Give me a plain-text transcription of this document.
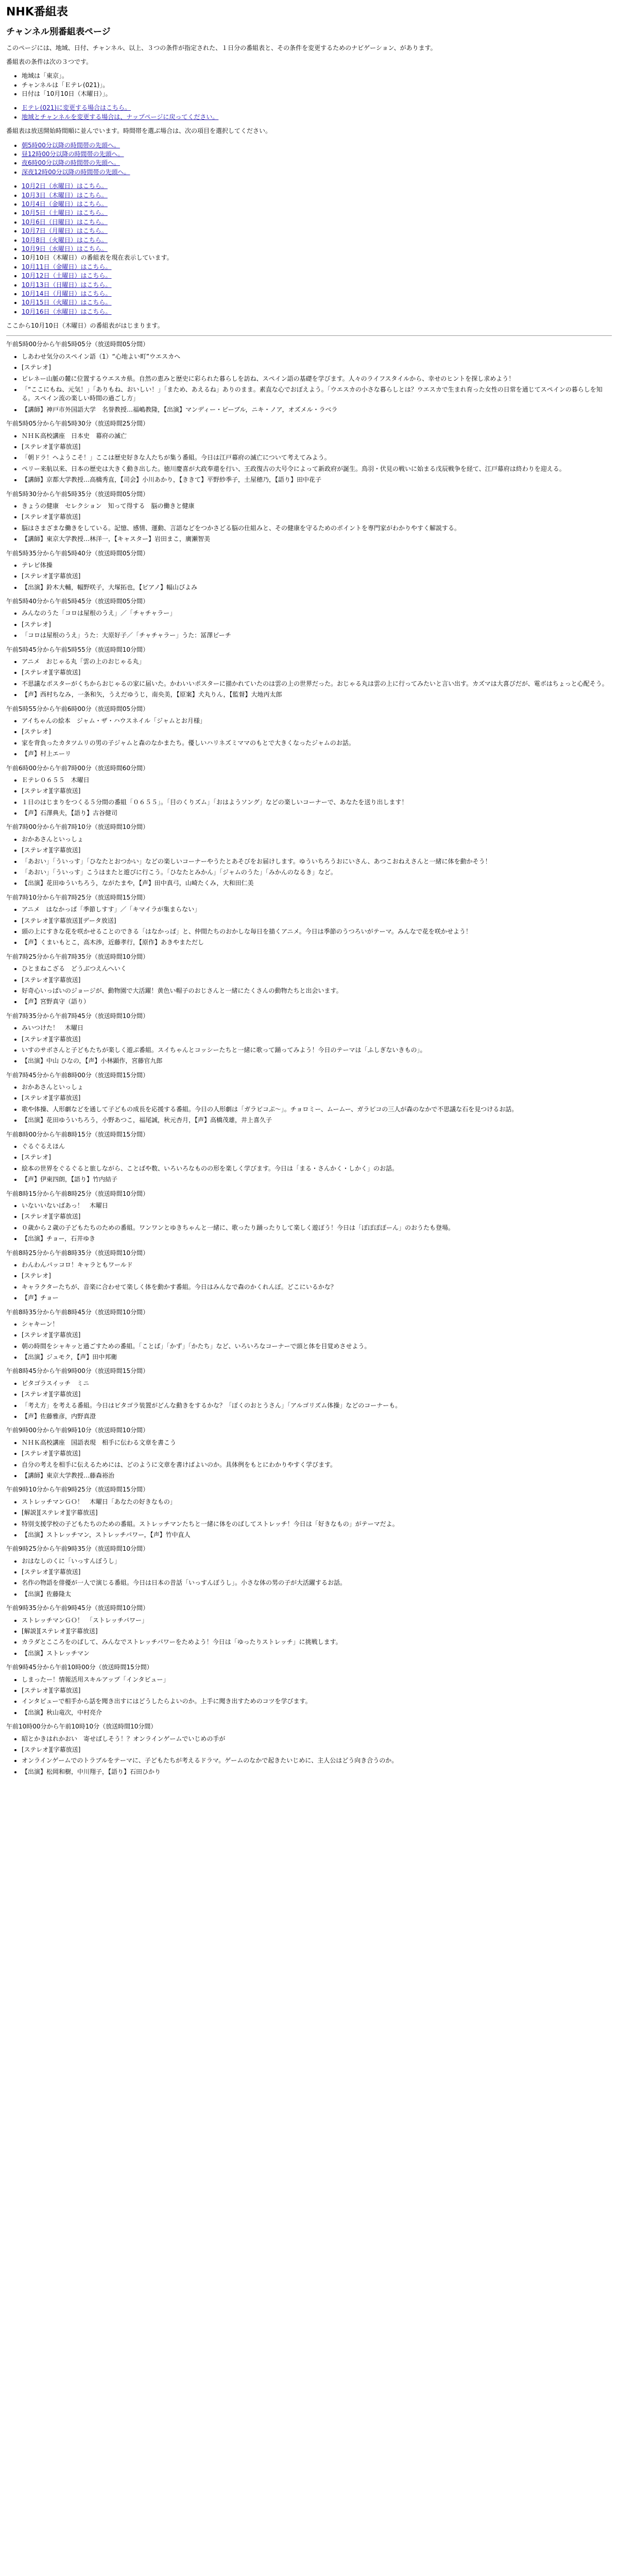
NHK番組表
チャンネル別番組表ページ

このページには、地域、日付、チャンネル、以上、３つの条件が指定された、１日分の番組表と、その条件を変更するためのナビゲーション、があります。

番組表の条件は次の３つです。

• 地域は「東京」。
• チャンネルは「Ｅテレ(021)」。
• 日付は「10月10日（木曜日）」。
• Ｅテレ(021)に変更する場合はこちら。
• 地域とチャンネルを変更する場合は、ナップページに戻ってください。

番組表は放送開始時間順に並んでいます。時間帯を選ぶ場合は、次の項目を選択してください。

• 朝5時00分以降の時間帯の先頭へ。
• 昼12時00分以降の時間帯の先頭へ。
• 夜6時00分以降の時間帯の先頭へ。
• 深夜12時00分以降の時間帯の先頭へ。
• 10月2日（水曜日）はこちら。
• 10月3日（木曜日）はこちら。
• 10月4日（金曜日）はこちら。
• 10月5日（土曜日）はこちら。
• 10月6日（日曜日）はこちら。
• 10月7日（月曜日）はこちら。
• 10月8日（火曜日）はこちら。
• 10月9日（水曜日）はこちら。
• 10月10日（木曜日）の番組表を現在表示しています。
• 10月11日（金曜日）はこちら。
• 10月12日（土曜日）はこちら。
• 10月13日（日曜日）はこちら。
• 10月14日（月曜日）はこちら。
• 10月15日（火曜日）はこちら。
• 10月16日（水曜日）はこちら。

ここから10月10日（木曜日）の番組表がはじまります。

午前5時00分から午前5時05分（放送時間05分間）

• しあわせ気分のスペイン語（1）“心地よい町”ウエスカへ
• [ステレオ]
• ピレネー山脈の麓に位置するウエスカ県。自然の恵みと歴史に彩られた暮らしを訪ね、スペイン語の基礎を学びます。人々のライフスタイルから、幸せのヒントを探し求めよう！
• 「“ここにもね、元気！」「ありもね、おいしい！」「まため、あえるね」ありのまま。素直な心でおぼえよう。「ウエスカの小さな暮らしとは？ウエスカで生まれ育った女性の日常を通じてスペインの暮らしを知る。スペイン流の楽しい時間の過ごし方」
• 【講師】神戸市外国語大学　名誉教授…福嶋教隆，【出演】マンディー・ピーブル，ニキ・ノア，オズメル・ラベラ

午前5時05分から午前5時30分（放送時間25分間）

• ＮＨＫ高校講座　日本史　幕府の滅亡
• [ステレオ][字幕放送]
• 「朝ドラ！へようこそ！」ここは歴史好きな人たちが集う番組。今日は江戸幕府の滅亡について考えてみよう。
• ペリー来航以来、日本の歴史は大きく動き出した。徳川慶喜が大政奉還を行い、王政復古の大号令によって新政府が誕生。鳥羽・伏見の戦いに始まる戊辰戦争を経て、江戸幕府は終わりを迎える。
• 【講師】京都大学教授…高橋秀直，【司会】小川あかり，【ききて】平野紗季子，土屋穂乃，【語り】田中花子

午前5時30分から午前5時35分（放送時間05分間）

• きょうの健康　セレクション　知って得する　脳の働きと健康
• [ステレオ][字幕放送]
• 脳はさまざまな働きをしている。記憶、感情、運動、言語などをつかさどる脳の仕組みと、その健康を守るためのポイントを専門家がわかりやすく解説する。
• 【講師】東京大学教授…林洋一，【キャスター】岩田まこ，廣瀬智美

午前5時35分から午前5時40分（放送時間05分間）

• テレビ体操
• [ステレオ][字幕放送]
• 【出演】鈴木大輔，幅野咲子，大塚拓也，【ピアノ】幅山ぴよみ

午前5時40分から午前5時45分（放送時間05分間）

• みんなのうた「コロは屋根のうえ」／「チャチャラー」
• [ステレオ]
• 「コロは屋根のうえ」うた：大原好子／「チャチャラー」うた：冨澤ピーチ

午前5時45分から午前5時55分（放送時間10分間）

• アニメ　おじゃる丸「雲の上のおじゃる丸」
• [ステレオ][字幕放送]
• 不思議なポスターがくちからおじゃるの家に届いた。かわいいポスターに描かれていたのは雲の上の世界だった。おじゃる丸は雲の上に行ってみたいと言い出す。カズマは大喜びだが、電ボはちょっと心配そう。
• 【声】西村ちなみ，一条和矢，うえだゆうじ，南央美，【原案】犬丸りん，【監督】大地丙太郎

午前5時55分から午前6時00分（放送時間05分間）

• アイちゃんの絵本　ジャム・ザ・ハウスネイル「ジャムとお月様」
• [ステレオ]
• 家を背負ったカタツムリの男の子ジャムと森のなかまたち。優しいハリネズミママのもとで大きくなったジャムのお話。
• 【声】村上エーリ

午前6時00分から午前7時00分（放送時間60分間）

• Ｅテレ０６５５　木曜日
• [ステレオ][字幕放送]
• １日のはじまりをつくる５分間の番組「０６５５」。「目のくりズム」「おはようソング」などの楽しいコーナーで、あなたを送り出します！
• 【声】石澤典夫，【語り】古谷健司

午前7時00分から午前7時10分（放送時間10分間）

• おかあさんといっしょ
• [ステレオ][字幕放送]
• 「あおい」「ういっす」「ひなたとおつかい」などの楽しいコーナーやうたとあそびをお届けします。ゆういちろうおにいさん、あつこおねえさんと一緒に体を動かそう！
• 「あおい」「ういっす」こうはまたと遊びに行こう。「ひなたとみかん」「ジャムのうた」「みかんのなるき」など。
• 【出演】花田ゆういちろう，ながたまや，【声】田中真弓，山崎たくみ，大和田仁美

午前7時10分から午前7時25分（放送時間15分間）

• アニメ　はなかっぱ「季節しすす」／「キマイラが集まらない」
• [ステレオ][字幕放送][データ放送]
• 頭の上にすきな花を咲かせることのできる「はなかっぱ」と、仲間たちのおかしな毎日を描くアニメ。今日は季節のうつろいがテーマ。みんなで花を咲かせよう！
• 【声】くまいもとこ，高木渉，近藤孝行，【原作】あきやまただし

午前7時25分から午前7時35分（放送時間10分間）

• ひとまねこざる　どうぶつえんへいく
• [ステレオ][字幕放送]
• 好奇心いっぱいのジョージが、動物園で大活躍！黄色い帽子のおじさんと一緒にたくさんの動物たちと出会います。
• 【声】宮野真守（語り）

午前7時35分から午前7時45分（放送時間10分間）

• みいつけた！　木曜日
• [ステレオ][字幕放送]
• いすのサボさんと子どもたちが楽しく遊ぶ番組。スイちゃんとコッシーたちと一緒に歌って踊ってみよう！今日のテーマは「ふしぎないきもの」。
• 【出演】中山 ひなの，【声】小林顕作，宮藤官九郎

午前7時45分から午前8時00分（放送時間15分間）

• おかあさんといっしょ
• [ステレオ][字幕放送]
• 歌や体操、人形劇などを通して子どもの成長を応援する番組。今日の人形劇は「ガラピコぷ～」。チョロミー、ムームー、ガラピコの三人が森のなかで不思議な石を見つけるお話。
• 【出演】花田ゆういちろう，小野あつこ，福尾誠，秋元杏月，【声】高橋茂雄，井上喜久子

午前8時00分から午前8時15分（放送時間15分間）

• ぐるぐるえほん
• [ステレオ]
• 絵本の世界をぐるぐると旅しながら、ことばや数、いろいろなものの形を楽しく学びます。今日は「まる・さんかく・しかく」のお話。
• 【声】伊東四朗，【語り】竹内結子

午前8時15分から午前8時25分（放送時間10分間）

• いないいないばあっ！　木曜日
• [ステレオ][字幕放送]
• ０歳から２歳の子どもたちのための番組。ワンワンとゆきちゃんと一緒に、歌ったり踊ったりして楽しく遊ぼう！今日は「ぽぽぽぽーん」のおうたも登場。
• 【出演】チョー，石井ゆき

午前8時25分から午前8時35分（放送時間10分間）

• わんわんパッコロ！キャラともワールド
• [ステレオ]
• キャラクターたちが、音楽に合わせて楽しく体を動かす番組。今日はみんなで森のかくれんぼ。どこにいるかな？
• 【声】チョー

午前8時35分から午前8時45分（放送時間10分間）

• シャキーン！
• [ステレオ][字幕放送]
• 朝の時間をシャキッと過ごすための番組。「ことば」「かず」「かたち」など、いろいろなコーナーで頭と体を目覚めさせよう。
• 【出演】ジュモク，【声】田中邦衛

午前8時45分から午前9時00分（放送時間15分間）

• ピタゴラスイッチ　ミニ
• [ステレオ][字幕放送]
• 「考え方」を考える番組。今日はピタゴラ装置がどんな動きをするかな？「ぼくのおとうさん」「アルゴリズム体操」などのコーナーも。
• 【声】佐藤雅彦，内野真澄

午前9時00分から午前9時10分（放送時間10分間）

• ＮＨＫ高校講座　国語表現　相手に伝わる文章を書こう
• [ステレオ][字幕放送]
• 自分の考えを相手に伝えるためには、どのように文章を書けばよいのか。具体例をもとにわかりやすく学びます。
• 【講師】東京大学教授…藤森裕治

午前9時10分から午前9時25分（放送時間15分間）

• ストレッチマンＧＯ！　木曜日「あなたの好きなもの」
• [解説][ステレオ][字幕放送]
• 特別支援学校の子どもたちのための番組。ストレッチマンたちと一緒に体をのばしてストレッチ！今日は「好きなもの」がテーマだよ。
• 【出演】ストレッチマン，ストレッチパワー，【声】竹中直人

午前9時25分から午前9時35分（放送時間10分間）

• おはなしのくに「いっすんぼうし」
• [ステレオ][字幕放送]
• 名作の物語を俳優が一人で演じる番組。今日は日本の昔話「いっすんぼうし」。小さな体の男の子が大活躍するお話。
• 【出演】佐藤隆太

午前9時35分から午前9時45分（放送時間10分間）

• ストレッチマンＧＯ！　「ストレッチパワー」
• [解説][ステレオ][字幕放送]
• カラダとこころをのばして、みんなでストレッチパワーをためよう！今日は「ゆったりストレッチ」に挑戦します。
• 【出演】ストレッチマン

午前9時45分から午前10時00分（放送時間15分間）

• しまったー！情報活用スキルアップ「インタビュー」
• [ステレオ][字幕放送]
• インタビューで相手から話を聞き出すにはどうしたらよいのか。上手に聞き出すためのコツを学びます。
• 【出演】秋山竜次，中村亮介

午前10時00分から午前10時10分（放送時間10分間）

• 昭とかきはれかおい　寄せばしそう！？オンラインゲームでいじめの手が
• [ステレオ][字幕放送]
• オンラインゲームでのトラブルをテーマに、子どもたちが考えるドラマ。ゲームのなかで起きたいじめに、主人公はどう向き合うのか。
• 【出演】松岡和樹，中川翔子，【語り】石田ひかり
